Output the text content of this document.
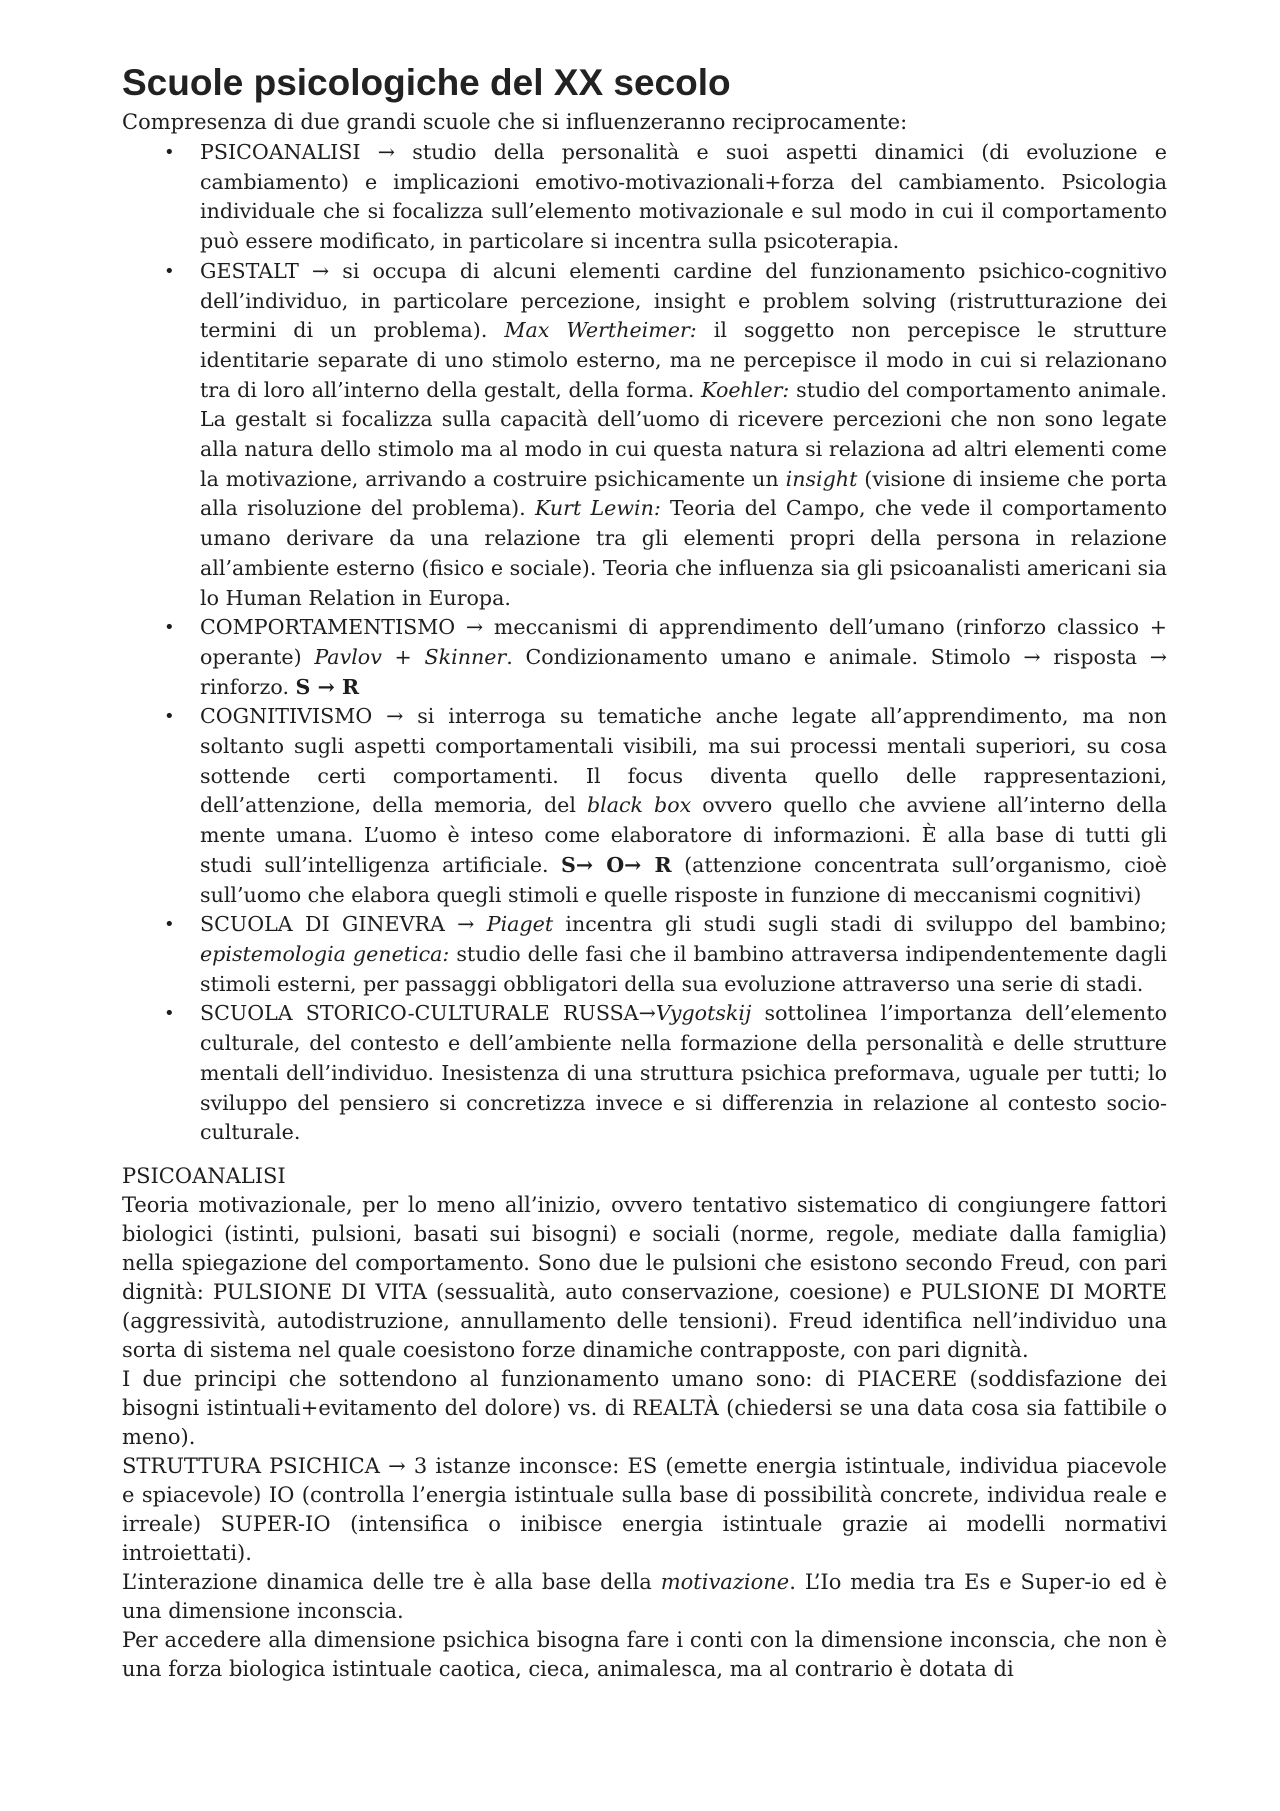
Scuole psicologiche del XX secolo

Compresenza di due grandi scuole che si influenzeranno reciprocamente:

• PSICOANALISI → studio della personalità e suoi aspetti dinamici (di evoluzione e cambiamento) e implicazioni emotivo-motivazionali+forza del cambiamento. Psicologia individuale che si focalizza sull’elemento motivazionale e sul modo in cui il comportamento può essere modificato, in particolare si incentra sulla psicoterapia.
• GESTALT → si occupa di alcuni elementi cardine del funzionamento psichico-cognitivo dell’individuo, in particolare percezione, insight e problem solving (ristrutturazione dei termini di un problema). Max Wertheimer: il soggetto non percepisce le strutture identitarie separate di uno stimolo esterno, ma ne percepisce il modo in cui si relazionano tra di loro all’interno della gestalt, della forma. Koehler: studio del comportamento animale. La gestalt si focalizza sulla capacità dell’uomo di ricevere percezioni che non sono legate alla natura dello stimolo ma al modo in cui questa natura si relaziona ad altri elementi come la motivazione, arrivando a costruire psichicamente un insight (visione di insieme che porta alla risoluzione del problema). Kurt Lewin: Teoria del Campo, che vede il comportamento umano derivare da una relazione tra gli elementi propri della persona in relazione all’ambiente esterno (fisico e sociale). Teoria che influenza sia gli psicoanalisti americani sia lo Human Relation in Europa.
• COMPORTAMENTISMO → meccanismi di apprendimento dell’umano (rinforzo classico + operante) Pavlov + Skinner. Condizionamento umano e animale. Stimolo → risposta → rinforzo. S → R
• COGNITIVISMO → si interroga su tematiche anche legate all’apprendimento, ma non soltanto sugli aspetti comportamentali visibili, ma sui processi mentali superiori, su cosa sottende certi comportamenti. Il focus diventa quello delle rappresentazioni, dell’attenzione, della memoria, del black box ovvero quello che avviene all’interno della mente umana. L’uomo è inteso come elaboratore di informazioni. È alla base di tutti gli studi sull’intelligenza artificiale. S→ O→ R (attenzione concentrata sull’organismo, cioè sull’uomo che elabora quegli stimoli e quelle risposte in funzione di meccanismi cognitivi)
• SCUOLA DI GINEVRA → Piaget incentra gli studi sugli stadi di sviluppo del bambino; epistemologia genetica: studio delle fasi che il bambino attraversa indipendentemente dagli stimoli esterni, per passaggi obbligatori della sua evoluzione attraverso una serie di stadi.
• SCUOLA STORICO-CULTURALE RUSSA→Vygotskij sottolinea l’importanza dell’elemento culturale, del contesto e dell’ambiente nella formazione della personalità e delle strutture mentali dell’individuo. Inesistenza di una struttura psichica preformava, uguale per tutti; lo sviluppo del pensiero si concretizza invece e si differenzia in relazione al contesto socio-culturale.
PSICOANALISI

Teoria motivazionale, per lo meno all’inizio, ovvero tentativo sistematico di congiungere fattori biologici (istinti, pulsioni, basati sui bisogni) e sociali (norme, regole, mediate dalla famiglia) nella spiegazione del comportamento. Sono due le pulsioni che esistono secondo Freud, con pari dignità: PULSIONE DI VITA (sessualità, auto conservazione, coesione) e PULSIONE DI MORTE (aggressività, autodistruzione, annullamento delle tensioni). Freud identifica nell’individuo una sorta di sistema nel quale coesistono forze dinamiche contrapposte, con pari dignità.

I due principi che sottendono al funzionamento umano sono: di PIACERE (soddisfazione dei bisogni istintuali+evitamento del dolore) vs. di REALTÀ (chiedersi se una data cosa sia fattibile o meno).

STRUTTURA PSICHICA → 3 istanze inconsce: ES (emette energia istintuale, individua piacevole e spiacevole) IO (controlla l’energia istintuale sulla base di possibilità concrete, individua reale e irreale) SUPER-IO (intensifica o inibisce energia istintuale grazie ai modelli normativi introiettati).

L’interazione dinamica delle tre è alla base della motivazione. L’Io media tra Es e Super-io ed è una dimensione inconscia.

Per accedere alla dimensione psichica bisogna fare i conti con la dimensione inconscia, che non è una forza biologica istintuale caotica, cieca, animalesca, ma al contrario è dotata di
